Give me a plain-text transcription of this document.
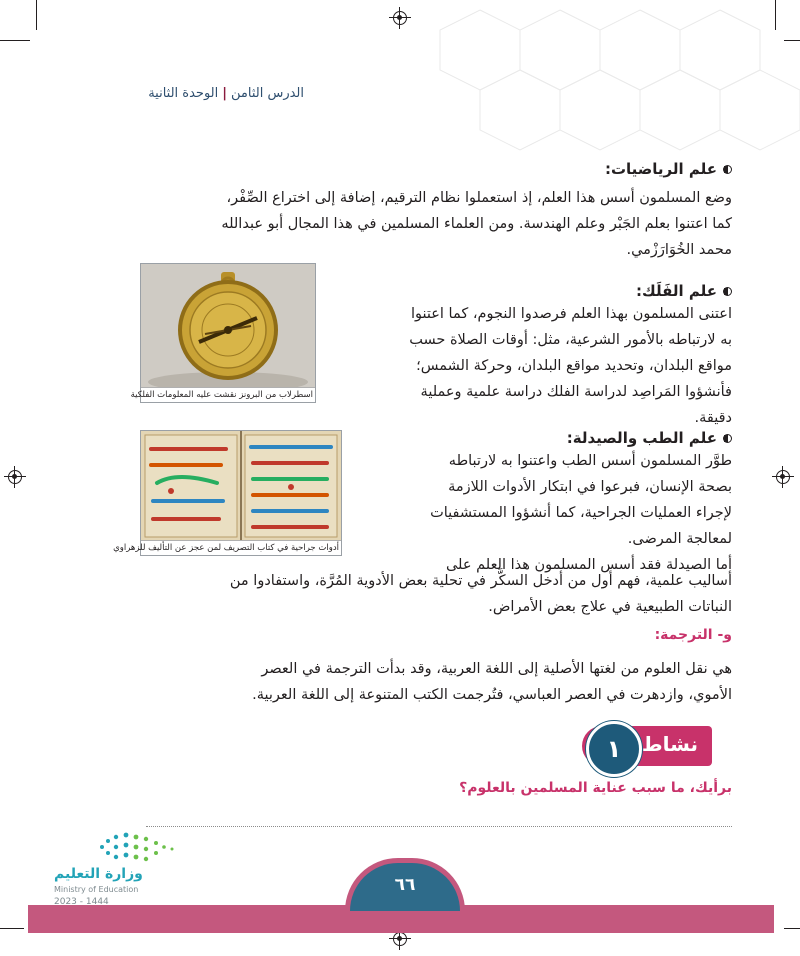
الدرس الثامن|الوحدة الثانية
علم الرياضيات:
وضع المسلمون أسس هذا العلم، إذ استعملوا نظام الترقيم، إضافة إلى اختراع الصِّفْر،
كما اعتنوا بعلم الجَبْر وعلم الهندسة. ومن العلماء المسلمين في هذا المجال أبو عبدالله
محمد الخُوَارَزْمي.
اسطرلاب من البرونز نقشت عليه المعلومات الفلكية
علم الفَلَك:
اعتنى المسلمون بهذا العلم فرصدوا النجوم، كما اعتنوا
به لارتباطه بالأمور الشرعية، مثل: أوقات الصلاة حسب
مواقع البلدان، وتحديد مواقع البلدان، وحركة الشمس؛
فأنشؤوا المَراصِد لدراسة الفلك دراسة علمية وعملية
دقيقة.
أدوات جراحية في كتاب التصريف لمن عجز عن التأليف للزهراوي
علم الطب والصيدلة:
طوَّر المسلمون أسس الطب واعتنوا به لارتباطه
بصحة الإنسان، فبرعوا في ابتكار الأدوات اللازمة
لإجراء العمليات الجراحية، كما أنشؤوا المستشفيات
لمعالجة المرضى.
أما الصيدلة فقد أسس المسلمون هذا العلم على
أساليب علمية، فهم أول من أدخل السكَّر في تحلية بعض الأدوية المُرَّة، واستفادوا من
النباتات الطبيعية في علاج بعض الأمراض.
و- الترجمة:
هي نقل العلوم من لغتها الأصلية إلى اللغة العربية، وقد بدأت الترجمة في العصر
الأموي، وازدهرت في العصر العباسي، فتُرجمت الكتب المتنوعة إلى اللغة العربية.
نشاط
١
برأيك، ما سبب عناية المسلمين بالعلوم؟
٦٦
وزارة التعليم
Ministry of Education
2023 - 1444
